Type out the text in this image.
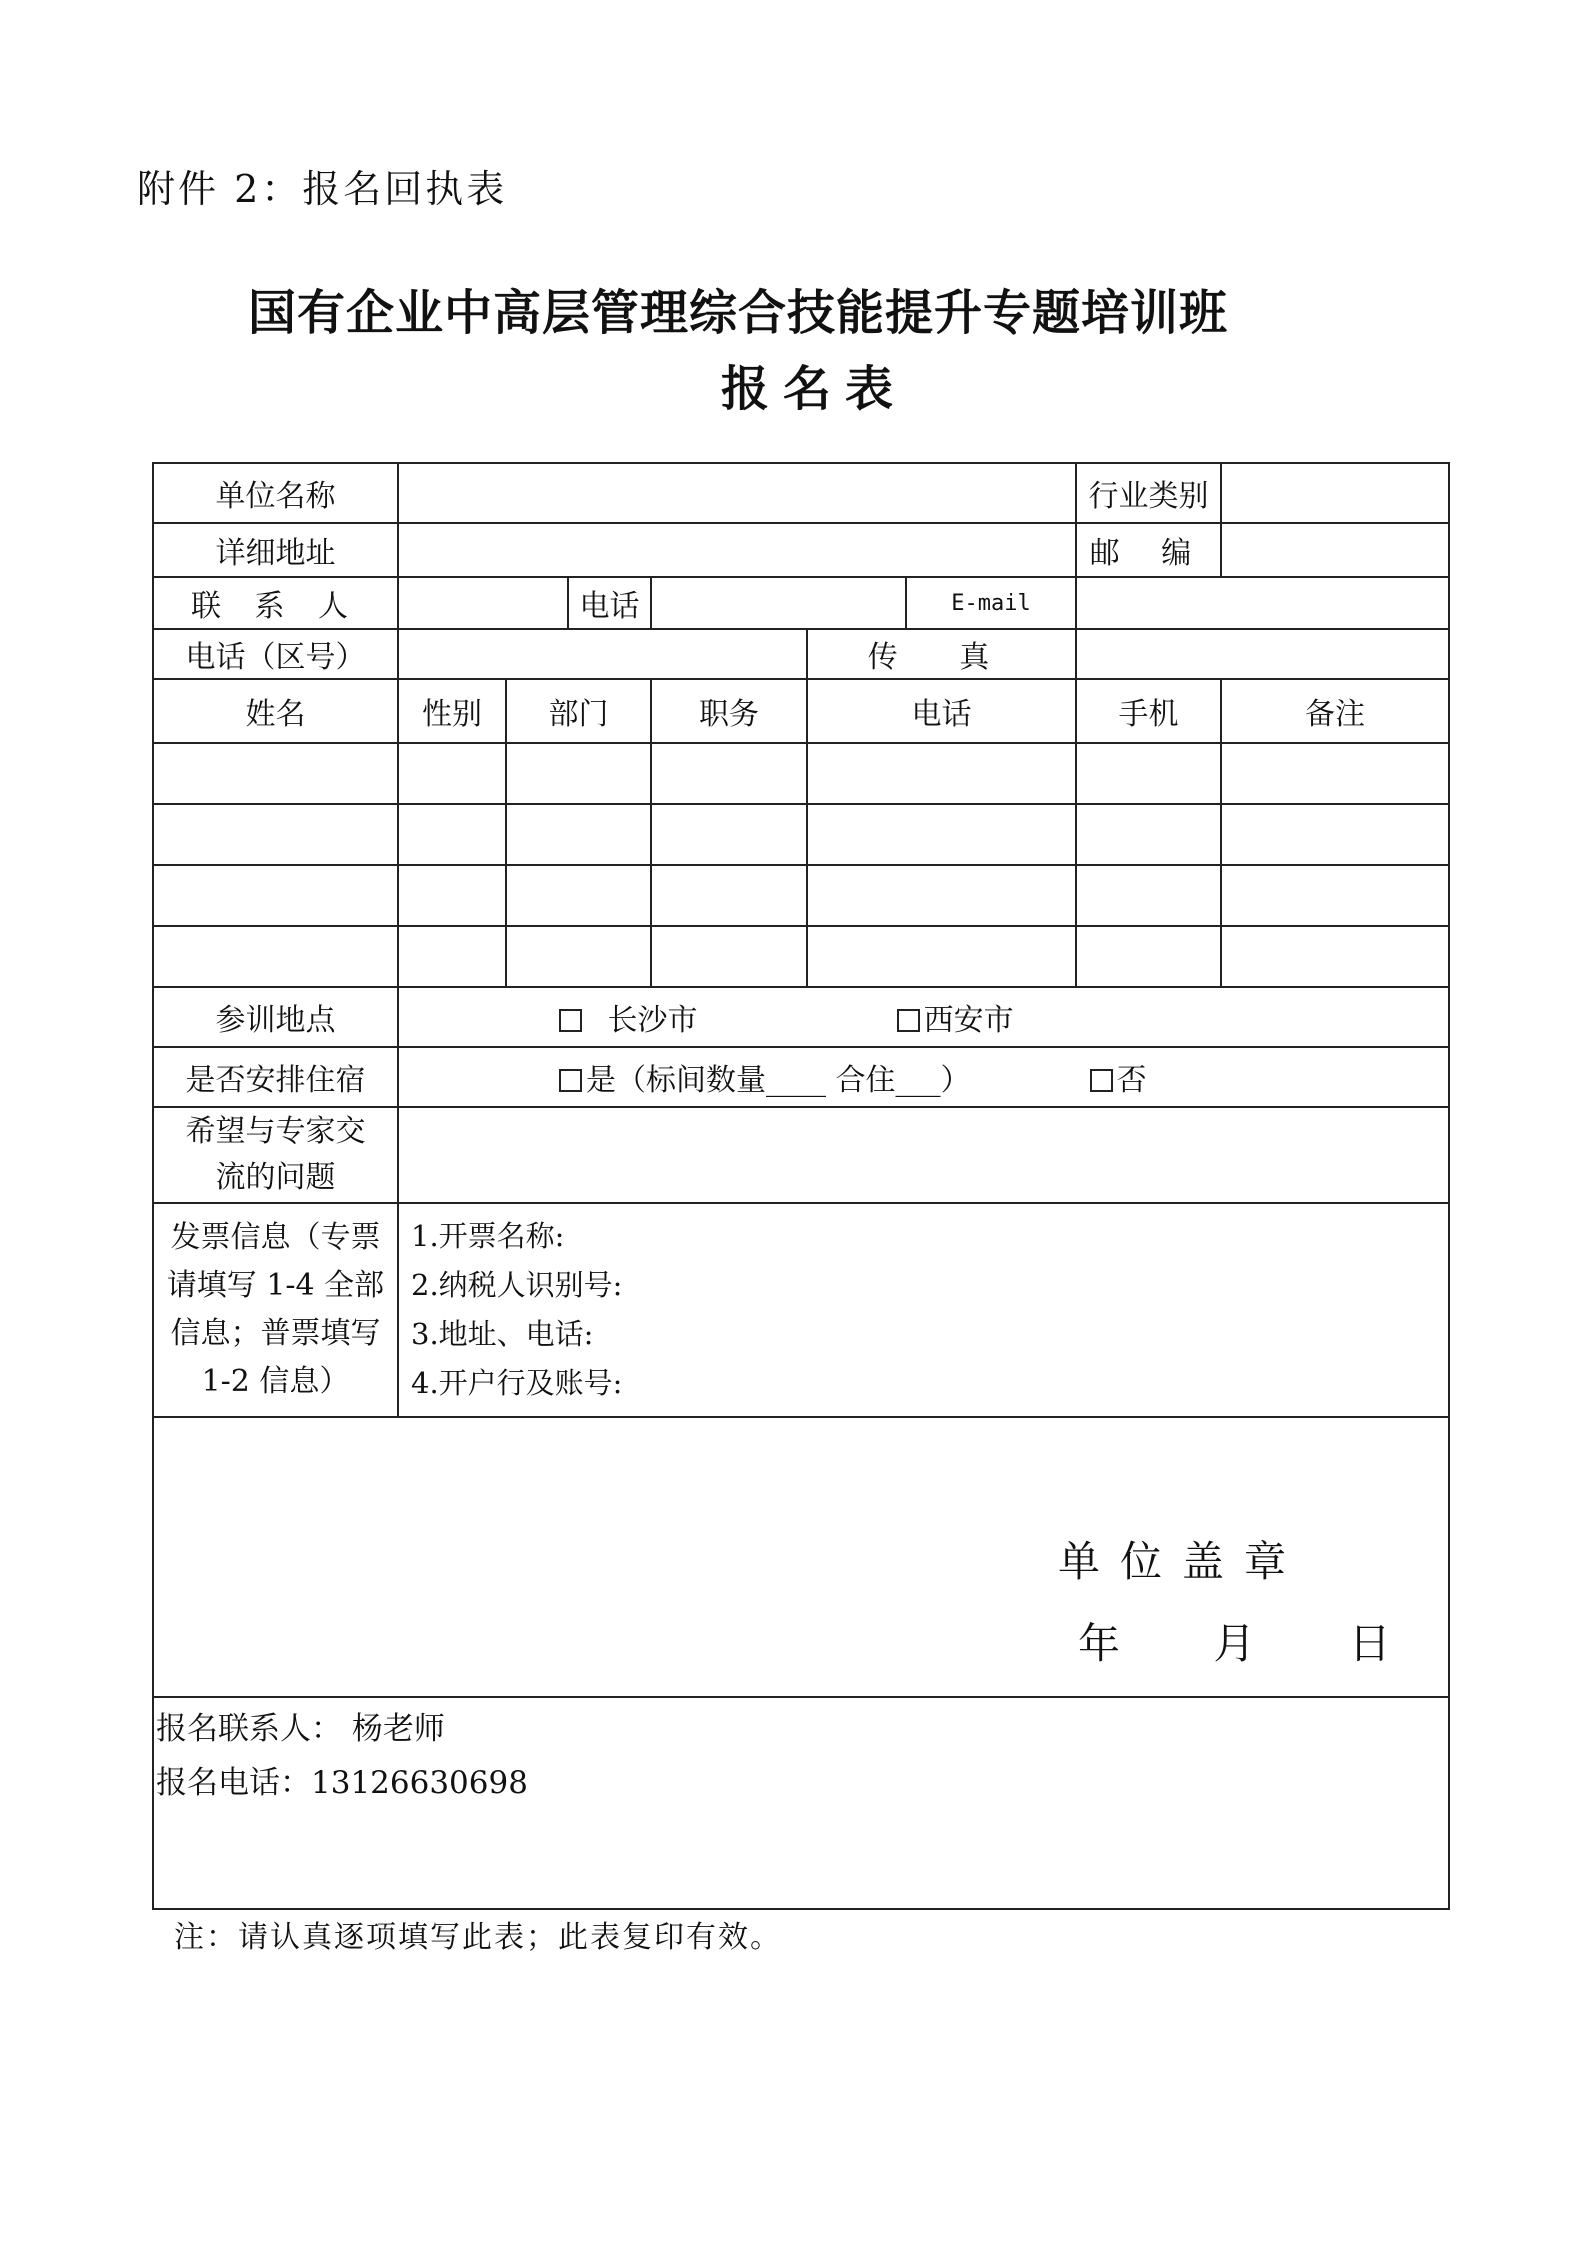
附件 2：报名回执表
国有企业中高层管理综合技能提升专题培训班
报名表
单位名称							行业类别	
详细地址							邮 编	
联 系 人			电话			E-mail		
电话（区号）					传 真			
姓名	性别	部门		职务	电话		手机	备注

参训地点	长沙市 西安市							
是否安排住宿	是（标间数量____ 合住___） 否							
希望与专家交流的问题								
发票信息（专票请填写 1-4 全部信息；普票填写 1-2 信息）	1.开票名称:
2.纳税人识别号:
3.地址、电话:
4.开户行及账号:							

单位盖章
年 月 日								

报名联系人： 杨老师
报名电话：13126630698								
注：请认真逐项填写此表；此表复印有效。
